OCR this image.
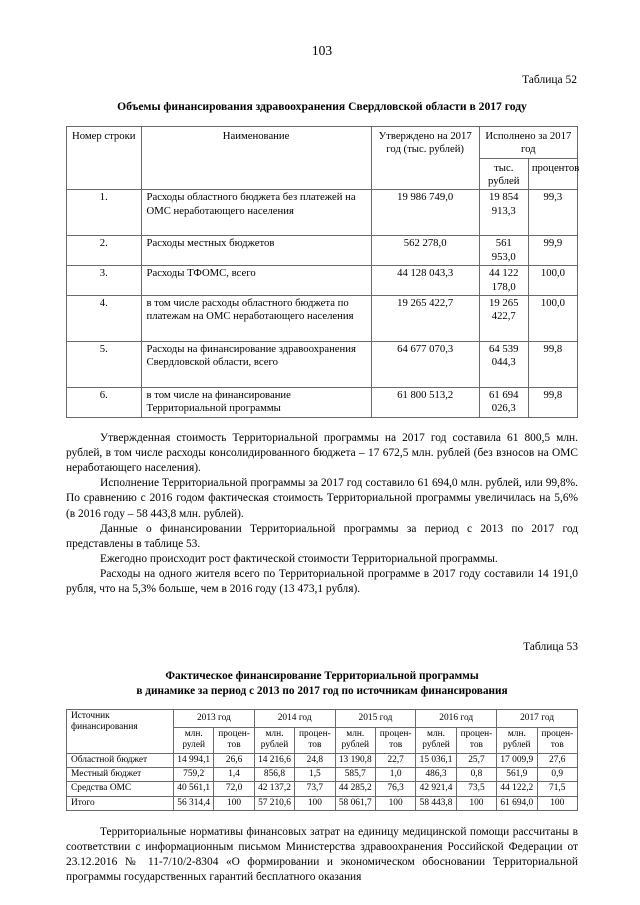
103
Таблица 52
Объемы финансирования здравоохранения Свердловской области в 2017 году
Номер строки	Наименование	Утверждено на 2017 год (тыс. рублей)	Исполнено за 2017 год	
			тыс. рублей	процентов
1.	Расходы областного бюджета без платежей на ОМС неработающего населения	19 986 749,0	19 854 913,3	99,3
2.	Расходы местных бюджетов	562 278,0	561 953,0	99,9
3.	Расходы ТФОМС, всего	44 128 043,3	44 122 178,0	100,0
4.	в том числе расходы областного бюджета по платежам на ОМС неработающего населения	19 265 422,7	19 265 422,7	100,0
5.	Расходы на финансирование здравоохранения Свердловской области, всего	64 677 070,3	64 539 044,3	99,8
6.	в том числе на финансирование Территориальной программы	61 800 513,2	61 694 026,3	99,8

Утвержденная стоимость Территориальной программы на 2017 год составила 61 800,5 млн. рублей, в том числе расходы консолидированного бюджета – 17 672,5 млн. рублей (без взносов на ОМС неработающего населения).

Исполнение Территориальной программы за 2017 год составило 61 694,0 млн. рублей, или 99,8%. По сравнению с 2016 годом фактическая стоимость Территориальной программы увеличилась на 5,6% (в 2016 году – 58 443,8 млн. рублей).

Данные о финансировании Территориальной программы за период с 2013 по 2017 год представлены в таблице 53.

Ежегодно происходит рост фактической стоимости Территориальной программы.

Расходы на одного жителя всего по Территориальной программе в 2017 году составили 14 191,0 рубля, что на 5,3% больше, чем в 2016 году (13 473,1 рубля).

Таблица 53
Фактическое финансирование Территориальной программы
в динамике за период с 2013 по 2017 год по источникам финансирования
Источник финансирования	2013 год		2014 год		2015 год		2016 год		2017 год	
	млн. рулей	процен- тов	млн. рублей	процен- тов	млн. рублей	процен- тов	млн. рублей	процен- тов	млн. рублей	процен- тов
Областной бюджет	14 994,1	26,6	14 216,6	24,8	13 190,8	22,7	15 036,1	25,7	17 009,9	27,6
Местный бюджет	759,2	1,4	856,8	1,5	585,7	1,0	486,3	0,8	561,9	0,9
Средства ОМС	40 561,1	72,0	42 137,2	73,7	44 285,2	76,3	42 921,4	73,5	44 122,2	71,5
Итого	56 314,4	100	57 210,6	100	58 061,7	100	58 443,8	100	61 694,0	100

Территориальные нормативы финансовых затрат на единицу медицинской помощи рассчитаны в соответствии с информационным письмом Министерства здравоохранения Российской Федерации от 23.12.2016 № 11-7/10/2-8304 «О формировании и экономическом обосновании Территориальной программы государственных гарантий бесплатного оказания
